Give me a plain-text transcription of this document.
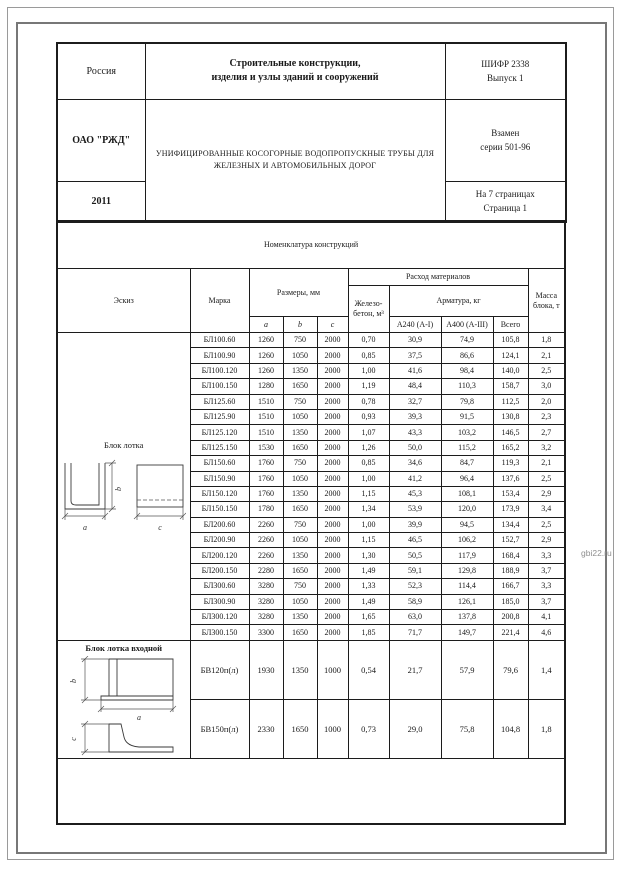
Россия	
Строительные конструкции,
изделия и узлы зданий и сооружений

ШИФР 2338
Выпуск 1

ОАО "РЖД"	УНИФИЦИРОВАННЫЕ КОСОГОРНЫЕ ВОДОПРОПУСКНЫЕ ТРУБЫ ДЛЯ ЖЕЛЕЗНЫХ И АВТОМОБИЛЬНЫХ ДОРОГ	Взамен
серии 501-96

2011		На 7 страницах
Страница 1
Номенклатура конструкций									
Эскиз	Марка	Размеры, мм			Расход материалов				Масса блока, т
					Железо-бетон, м³	Арматура, кг			
		a	b	c		А240 (А-I)	А400 (А-III)	Всего	

Блок лотка
b
a c	БЛ100.60	1260	750	2000	0,70	30,9	74,9	105,8	1,8
	БЛ100.90	1260	1050	2000	0,85	37,5	86,6	124,1	2,1
	БЛ100.120	1260	1350	2000	1,00	41,6	98,4	140,0	2,5
	БЛ100.150	1280	1650	2000	1,19	48,4	110,3	158,7	3,0
	БЛ125.60	1510	750	2000	0,78	32,7	79,8	112,5	2,0
	БЛ125.90	1510	1050	2000	0,93	39,3	91,5	130,8	2,3
	БЛ125.120	1510	1350	2000	1,07	43,3	103,2	146,5	2,7
	БЛ125.150	1530	1650	2000	1,26	50,0	115,2	165,2	3,2
	БЛ150.60	1760	750	2000	0,85	34,6	84,7	119,3	2,1
	БЛ150.90	1760	1050	2000	1,00	41,2	96,4	137,6	2,5
	БЛ150.120	1760	1350	2000	1,15	45,3	108,1	153,4	2,9
	БЛ150.150	1780	1650	2000	1,34	53,9	120,0	173,9	3,4
	БЛ200.60	2260	750	2000	1,00	39,9	94,5	134,4	2,5
	БЛ200.90	2260	1050	2000	1,15	46,5	106,2	152,7	2,9
	БЛ200.120	2260	1350	2000	1,30	50,5	117,9	168,4	3,3
	БЛ200.150	2280	1650	2000	1,49	59,1	129,8	188,9	3,7
	БЛ300.60	3280	750	2000	1,33	52,3	114,4	166,7	3,3
	БЛ300.90	3280	1050	2000	1,49	58,9	126,1	185,0	3,7
	БЛ300.120	3280	1350	2000	1,65	63,0	137,8	200,8	4,1
	БЛ300.150	3300	1650	2000	1,85	71,7	149,7	221,4	4,6

Блок лотка входной
b
a
c	БВ120п(л)	1930	1350	1000	0,54	21,7	57,9	79,6	1,4
	БВ150п(л)	2330	1650	1000	0,73	29,0	75,8	104,8	1,8

gbi22.ru
